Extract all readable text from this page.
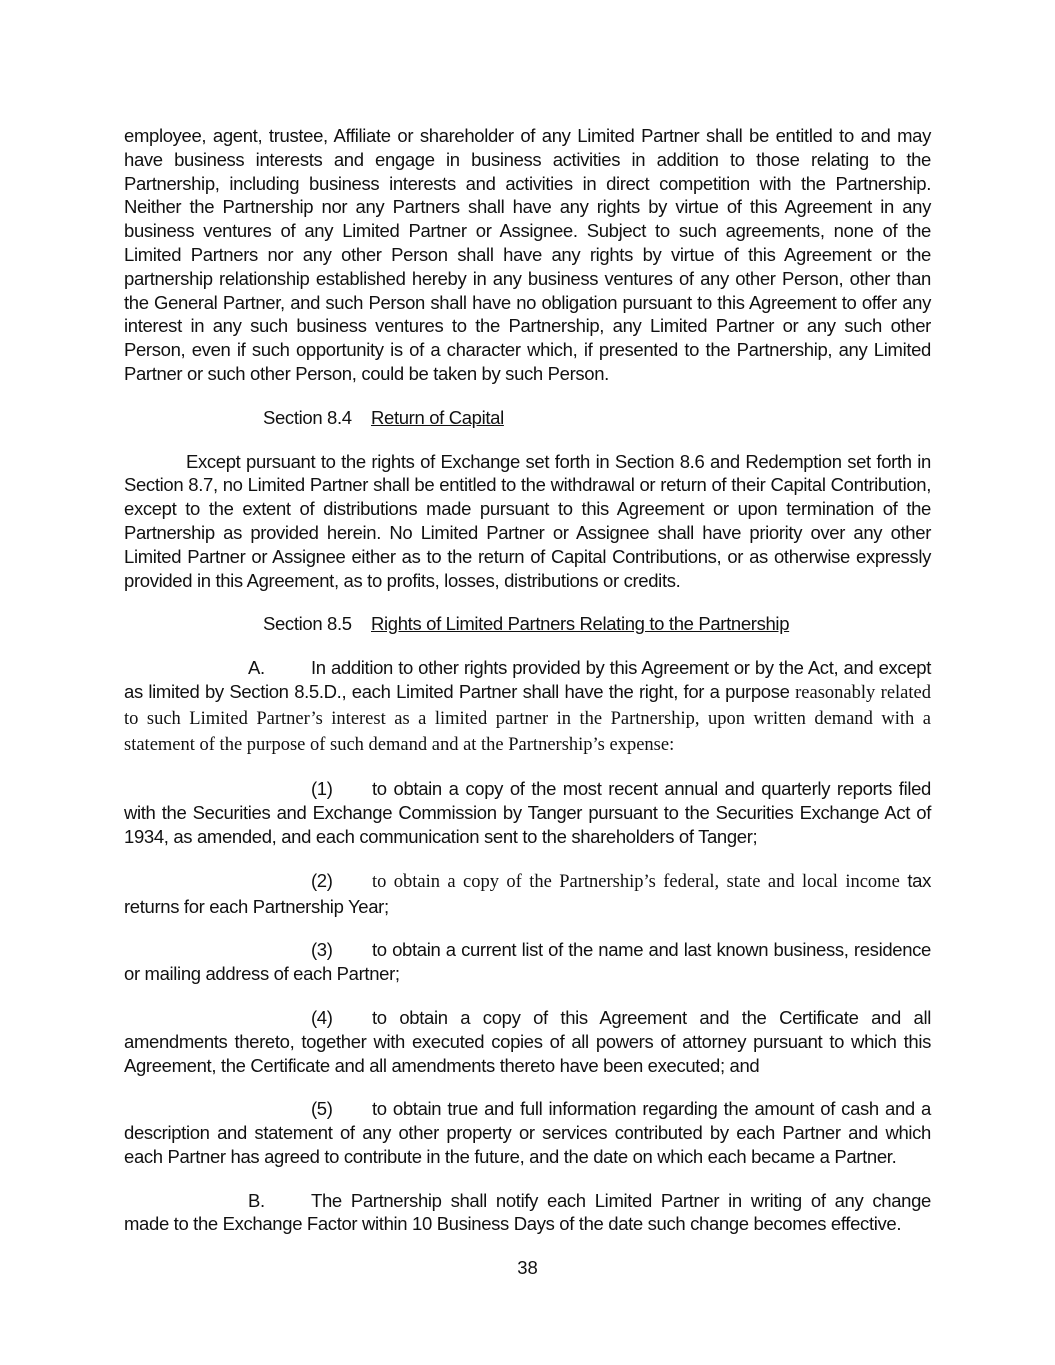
employee, agent, trustee, Affiliate or shareholder of any Limited Partner shall be entitled to and may have business interests and engage in business activities in addition to those relating to the Partnership, including business interests and activities in direct competition with the Partnership. Neither the Partnership nor any Partners shall have any rights by virtue of this Agreement in any business ventures of any Limited Partner or Assignee. Subject to such agreements, none of the Limited Partners nor any other Person shall have any rights by virtue of this Agreement or the partnership relationship established hereby in any business ventures of any other Person, other than the General Partner, and such Person shall have no obligation pursuant to this Agreement to offer any interest in any such business ventures to the Partnership, any Limited Partner or any such other Person, even if such opportunity is of a character which, if presented to the Partnership, any Limited Partner or such other Person, could be taken by such Person.

Section 8.4 Return of Capital

Except pursuant to the rights of Exchange set forth in Section 8.6 and Redemption set forth in Section 8.7, no Limited Partner shall be entitled to the withdrawal or return of their Capital Contribution, except to the extent of distributions made pursuant to this Agreement or upon termination of the Partnership as provided herein. No Limited Partner or Assignee shall have priority over any other Limited Partner or Assignee either as to the return of Capital Contributions, or as otherwise expressly provided in this Agreement, as to profits, losses, distributions or credits.

Section 8.5 Rights of Limited Partners Relating to the Partnership

A. In addition to other rights provided by this Agreement or by the Act, and except as limited by Section 8.5.D., each Limited Partner shall have the right, for a purpose reasonably related to such Limited Partner’s interest as a limited partner in the Partnership, upon written demand with a statement of the purpose of such demand and at the Partnership’s expense:

(1) to obtain a copy of the most recent annual and quarterly reports filed with the Securities and Exchange Commission by Tanger pursuant to the Securities Exchange Act of 1934, as amended, and each communication sent to the shareholders of Tanger;

(2) to obtain a copy of the Partnership’s federal, state and local income tax returns for each Partnership Year;

(3) to obtain a current list of the name and last known business, residence or mailing address of each Partner;

(4) to obtain a copy of this Agreement and the Certificate and all amendments thereto, together with executed copies of all powers of attorney pursuant to which this Agreement, the Certificate and all amendments thereto have been executed; and

(5) to obtain true and full information regarding the amount of cash and a description and statement of any other property or services contributed by each Partner and which each Partner has agreed to contribute in the future, and the date on which each became a Partner.

B. The Partnership shall notify each Limited Partner in writing of any change made to the Exchange Factor within 10 Business Days of the date such change becomes effective.

38
